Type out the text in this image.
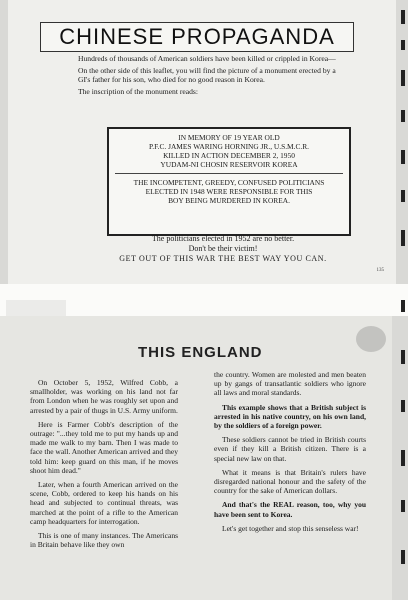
CHINESE PROPAGANDA

Hundreds of thousands of American soldiers have been killed or crippled in Korea—

On the other side of this leaflet, you will find the picture of a monument erected by a GI's father for his son, who died for no good reason in Korea.

The inscription of the monument reads:

IN MEMORY OF 19 YEAR OLD
P.F.C. JAMES WARING HORNING JR., U.S.M.C.R.
KILLED IN ACTION DECEMBER 2, 1950
YUDAM-NI CHOSIN RESERVOIR KOREA
THE INCOMPETENT, GREEDY, CONFUSED POLITICIANS
ELECTED IN 1948 WERE RESPONSIBLE FOR THIS
BOY BEING MURDERED IN KOREA.
The politicians elected in 1952 are no better.
Don't be their victim!
GET OUT OF THIS WAR THE BEST WAY YOU CAN.
135
THIS ENGLAND

On October 5, 1952, Wilfred Cobb, a smallholder, was working on his land not far from London when he was roughly set upon and arrested by a pair of thugs in U.S. Army uniform.

Here is Farmer Cobb's description of the outrage: "...they told me to put my hands up and made me walk to my barn. Then I was made to face the wall. Another American arrived and they told him: keep guard on this man, if he moves shoot him dead."

Later, when a fourth American arrived on the scene, Cobb, ordered to keep his hands on his head and subjected to continual threats, was marched at the point of a rifle to the American camp headquarters for interrogation.

This is one of many instances. The Americans in Britain behave like they own

the country. Women are molested and men beaten up by gangs of transatlantic soldiers who ignore all laws and moral standards.

This example shows that a British subject is arrested in his native country, on his own land, by the soldiers of a foreign power.

These soldiers cannot be tried in British courts even if they kill a British citizen. There is a special new law on that.

What it means is that Britain's rulers have disregarded national honour and the safety of the country for the sake of American dollars.

And that's the REAL reason, too, why you have been sent to Korea.

Let's get together and stop this senseless war!
